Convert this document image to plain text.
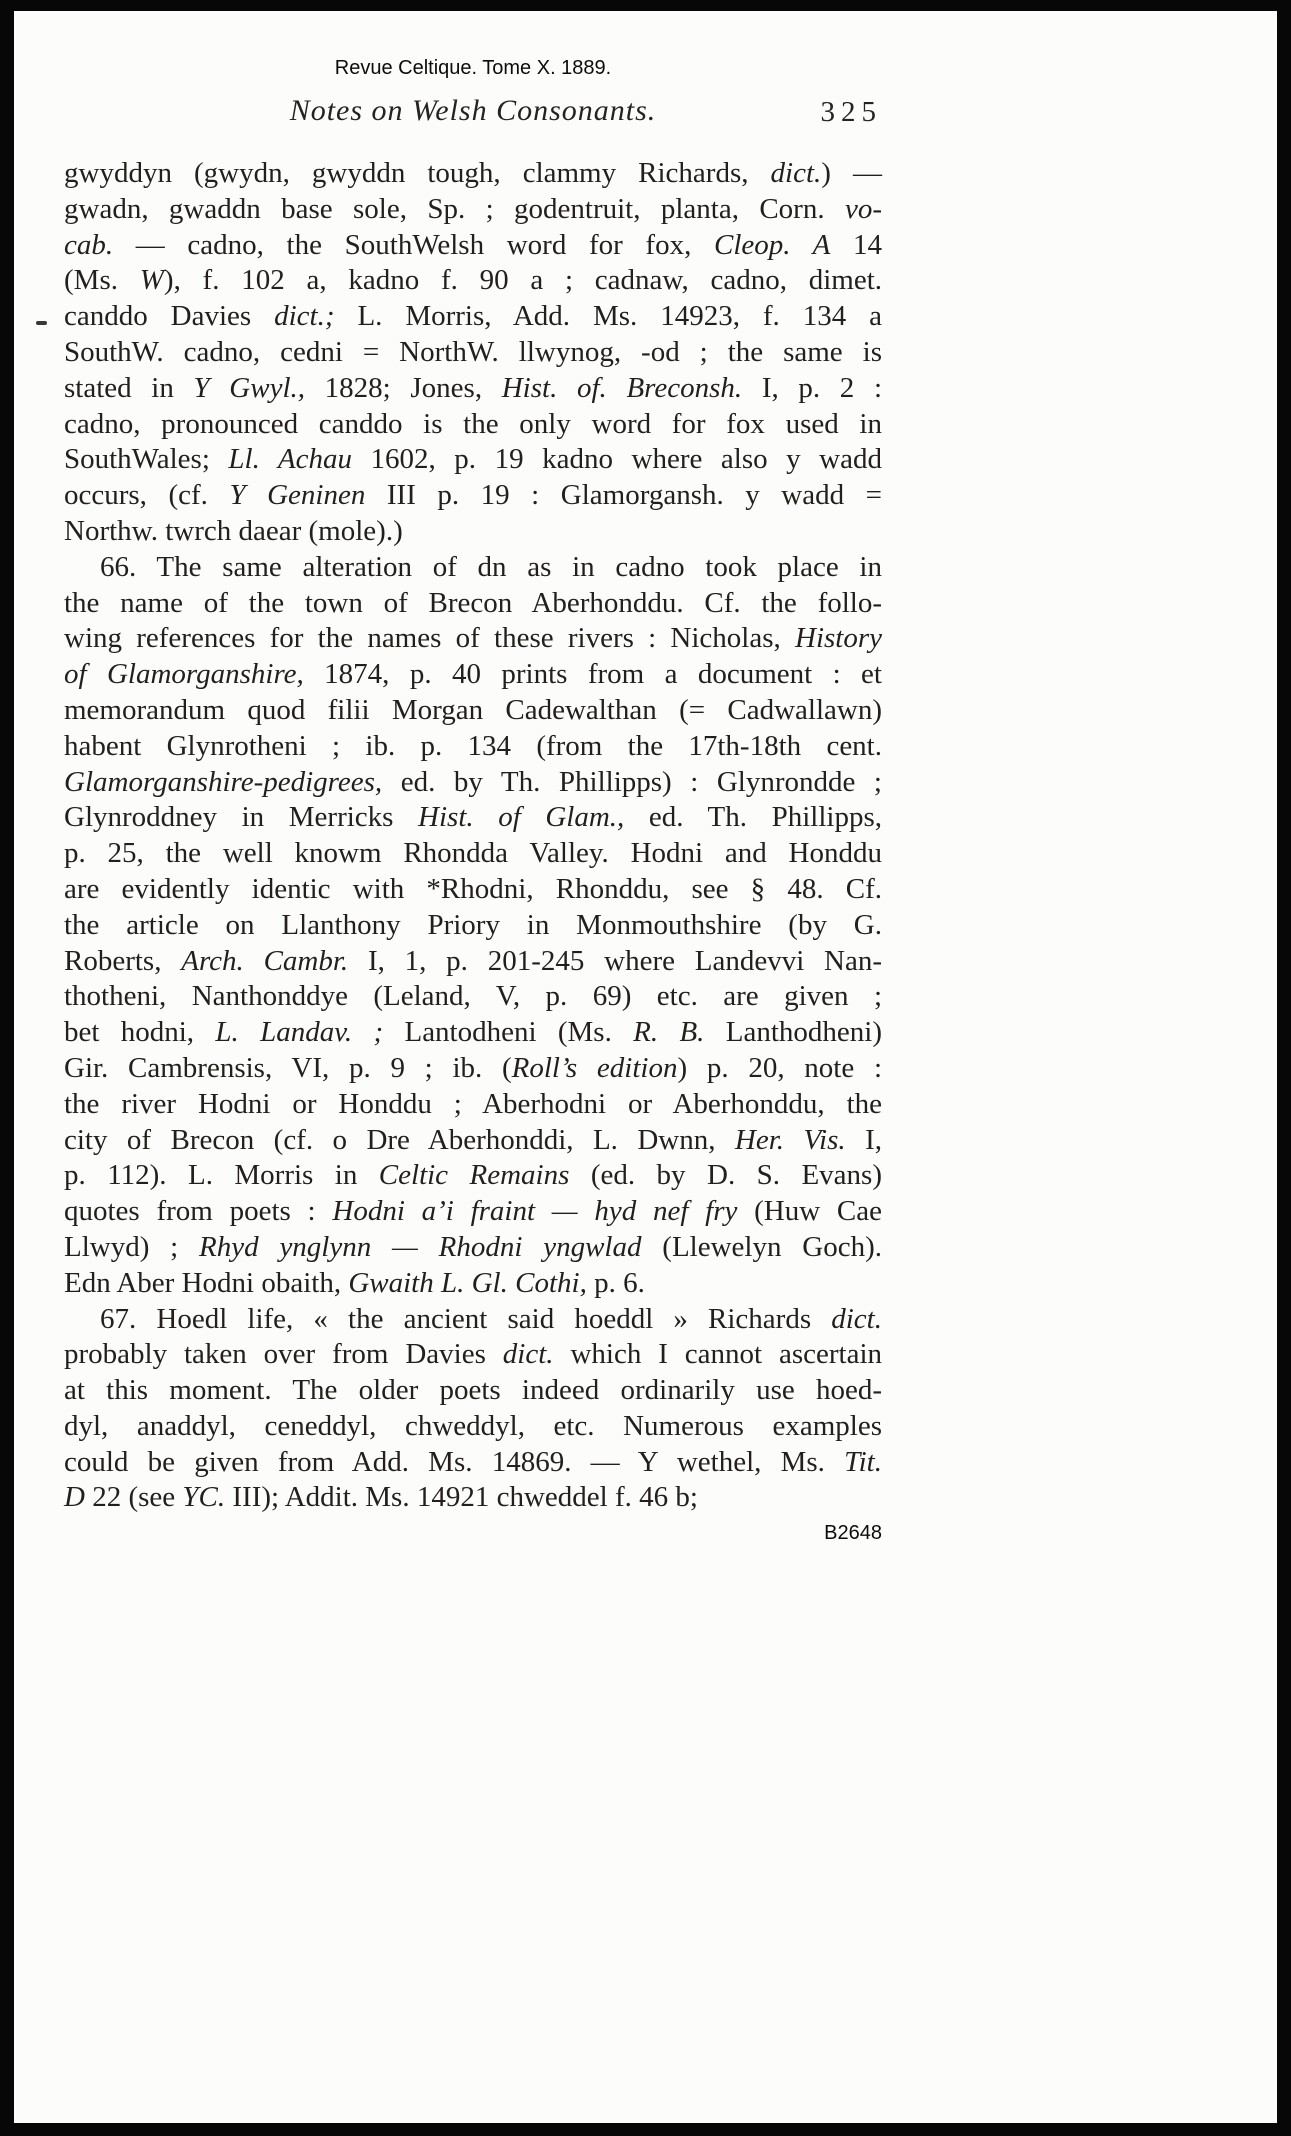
Revue Celtique. Tome X. 1889.
Notes on Welsh Consonants.	325
gwyddyn (gwydn, gwyddn tough, clammy Richards, dict.) —
gwadn, gwaddn base sole, Sp. ; godentruit, planta, Corn. vo-
cab. — cadno, the SouthWelsh word for fox, Cleop. A 14
(Ms. W), f. 102 a, kadno f. 90 a ; cadnaw, cadno, dimet.
canddo Davies dict.; L. Morris, Add. Ms. 14923, f. 134 a
SouthW. cadno, cedni = NorthW. llwynog, -od ; the same is
stated in Y Gwyl., 1828; Jones, Hist. of. Breconsh. I, p. 2 :
cadno, pronounced canddo is the only word for fox used in
SouthWales; Ll. Achau 1602, p. 19 kadno where also y wadd
occurs, (cf. Y Geninen III p. 19 : Glamorgansh. y wadd =
Northw. twrch daear (mole).)
66. The same alteration of dn as in cadno took place in
the name of the town of Brecon Aberhonddu. Cf. the follo-
wing references for the names of these rivers : Nicholas, History
of Glamorganshire, 1874, p. 40 prints from a document : et
memorandum quod filii Morgan Cadewalthan (= Cadwallawn)
habent Glynrotheni ; ib. p. 134 (from the 17th-18th cent.
Glamorganshire-pedigrees, ed. by Th. Phillipps) : Glynrondde ;
Glynroddney in Merricks Hist. of Glam., ed. Th. Phillipps,
p. 25, the well knowm Rhondda Valley. Hodni and Honddu
are evidently identic with *Rhodni, Rhonddu, see § 48. Cf.
the article on Llanthony Priory in Monmouthshire (by G.
Roberts, Arch. Cambr. I, 1, p. 201-245 where Landevvi Nan-
thotheni, Nanthonddye (Leland, V, p. 69) etc. are given ;
bet hodni, L. Landav. ; Lantodheni (Ms. R. B. Lanthodheni)
Gir. Cambrensis, VI, p. 9 ; ib. (Roll’s edition) p. 20, note :
the river Hodni or Honddu ; Aberhodni or Aberhonddu, the
city of Brecon (cf. o Dre Aberhonddi, L. Dwnn, Her. Vis. I,
p. 112). L. Morris in Celtic Remains (ed. by D. S. Evans)
quotes from poets : Hodni a’i fraint — hyd nef fry (Huw Cae
Llwyd) ; Rhyd ynglynn — Rhodni yngwlad (Llewelyn Goch).
Edn Aber Hodni obaith, Gwaith L. Gl. Cothi, p. 6.
67. Hoedl life, « the ancient said hoeddl » Richards dict.
probably taken over from Davies dict. which I cannot ascertain
at this moment. The older poets indeed ordinarily use hoed-
dyl, anaddyl, ceneddyl, chweddyl, etc. Numerous examples
could be given from Add. Ms. 14869. — Y wethel, Ms. Tit.
D 22 (see YC. III); Addit. Ms. 14921 chweddel f. 46 b;
B2648
